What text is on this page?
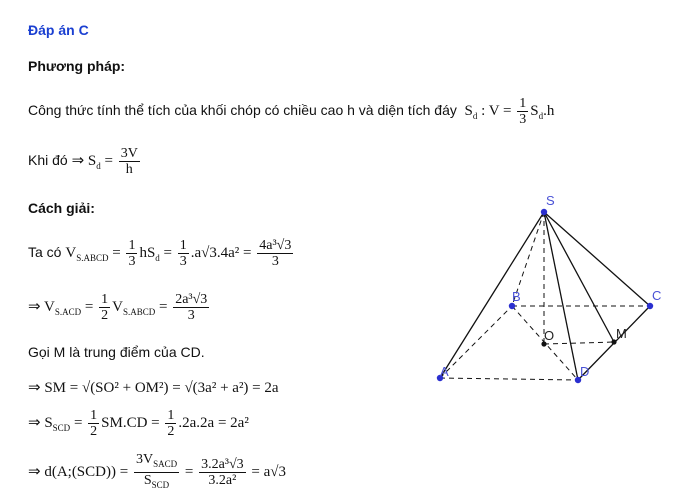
Đáp án C
Phương pháp:
Công thức tính thể tích của khối chóp có chiều cao h và diện tích đáy $S_d$ : $V = \frac{1}{3} S_d.h$
Khi đó ⇒ $S_d = \frac{3V}{h}$
Cách giải:
Ta có $V_{S.ABCD} = \frac{1}{3} hS_d = \frac{1}{3} .a√3.4a^2 = \frac{\text{4a³√3}}{3}$
⇒ $V_{S.ACD} = \frac{1}{2} V_{S.ABCD} = \frac{\text{2a³√3}}{3}$
Gọi M là trung điểm của CD.
⇒ SM = √(SO² + OM²) = √(3a² + a²) = 2a
⇒ $S_{SCD} = \frac{1}{2} SM.CD = \frac{1}{2} .2a.2a = 2a^2$
⇒ d(A;(SCD)) = $\frac{3V_{SACD}}{S_{SCD}} = \frac{\text{3.2a³√3}}{\text{3.2a²}} = a√3$
S
A
B	C
D
O	M
